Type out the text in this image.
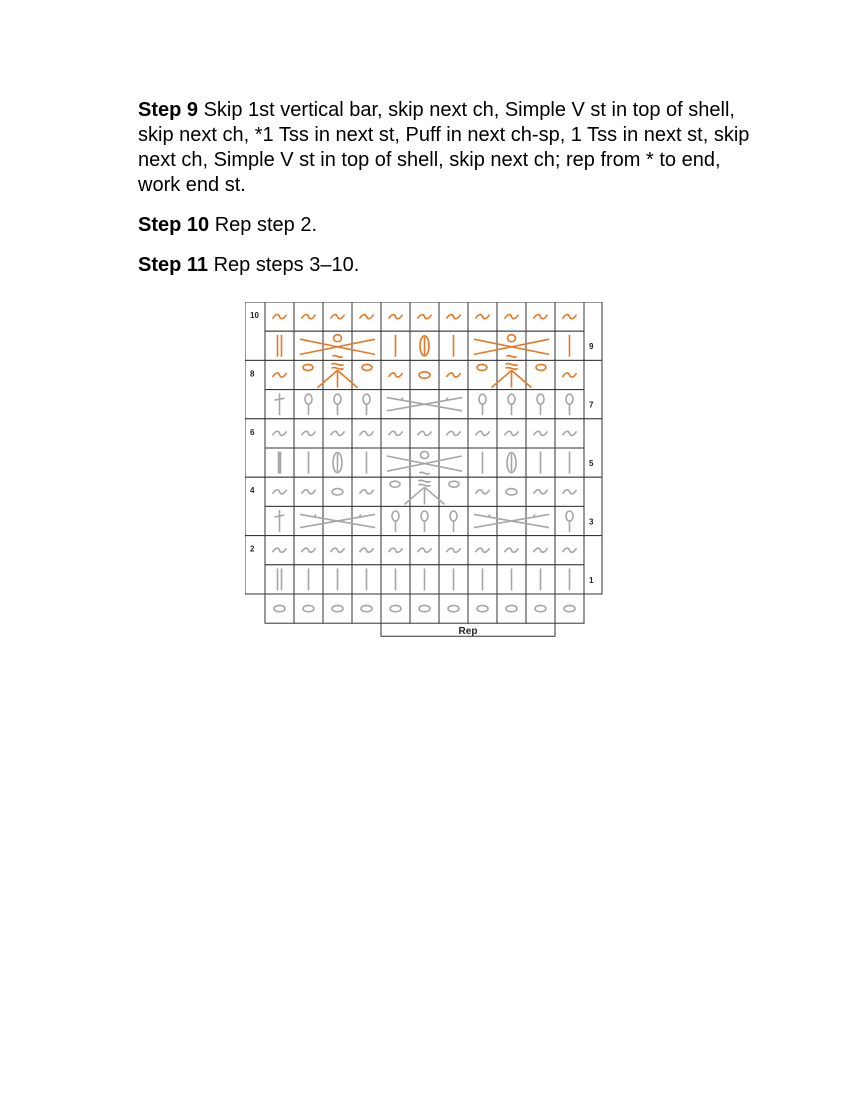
Step 9 Skip 1st vertical bar, skip next ch, Simple V st in top of shell, skip next ch, *1 Tss in next st, Puff in next ch-sp, 1 Tss in next st, skip next ch, Simple V st in top of shell, skip next ch; rep from * to end, work end st.

Step 10 Rep step 2.

Step 11 Rep steps 3–10.

10
9
8
7
6
5
4
3
2
1
Rep
